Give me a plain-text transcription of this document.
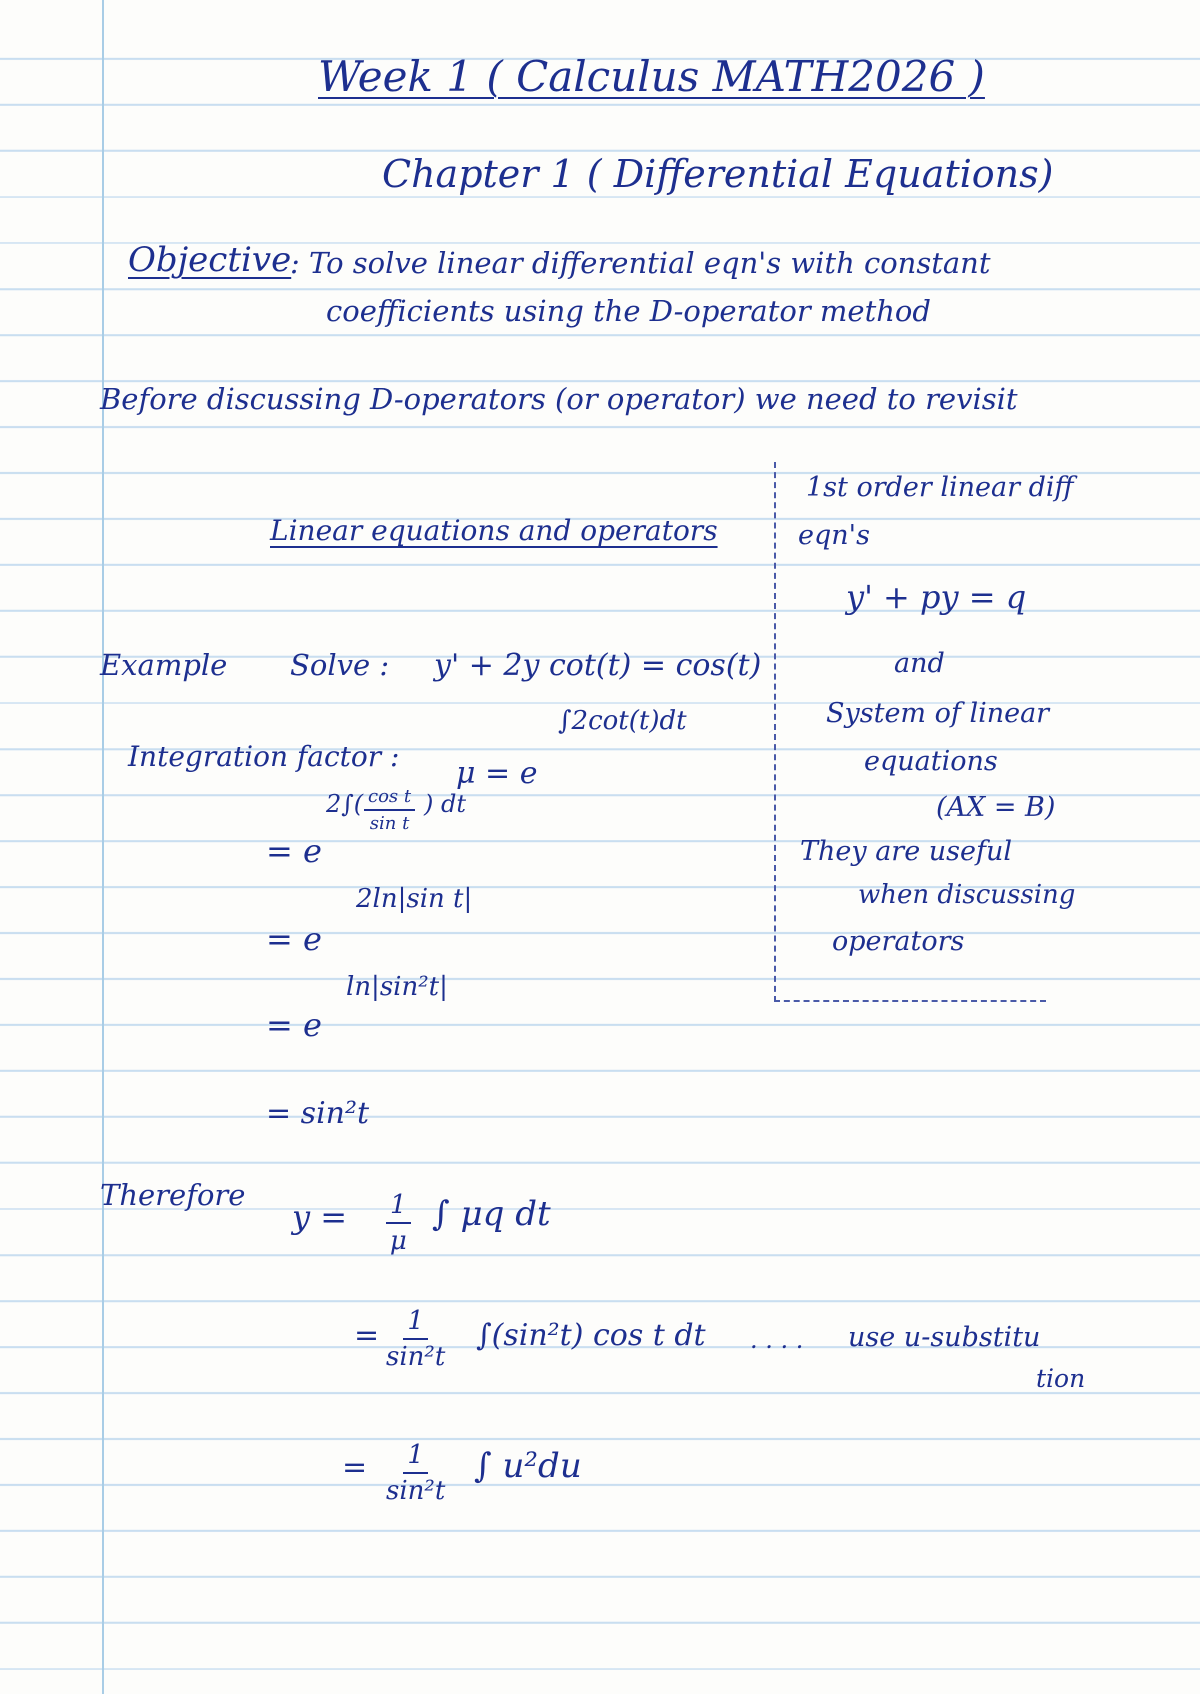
Week 1 ( Calculus MATH2026 )
Chapter 1 ( Differential Equations)
Objective
: To solve linear differential eqn's with constant
coefficients using the D-operator method
Before discussing D-operators (or operator) we need to revisit
Linear equations and operators
1st order linear diff
eqn's
y' + py = q
and
System of linear
equations
(AX = B)
They are useful
when discussing
operators
Example Solve : y' + 2y cot(t) = cos(t)
Integration factor : μ = e
∫2cot(t)dt
= e
$2\int( \frac{\text{cos t}}{\text{sin t}}$ ) dt
2ln|sin t|
= e
ln|sin²t|
= e
= sin²t
Therefore
$y = \frac{1}{\mu}$ ∫ μq dt
= $\frac{1}{\text{sin²t}} \int(\sin^2t)$ cos t dt . . . . use u-substitu
tion
= $\frac{1}{\text{sin²t}}$ ∫ u²du
